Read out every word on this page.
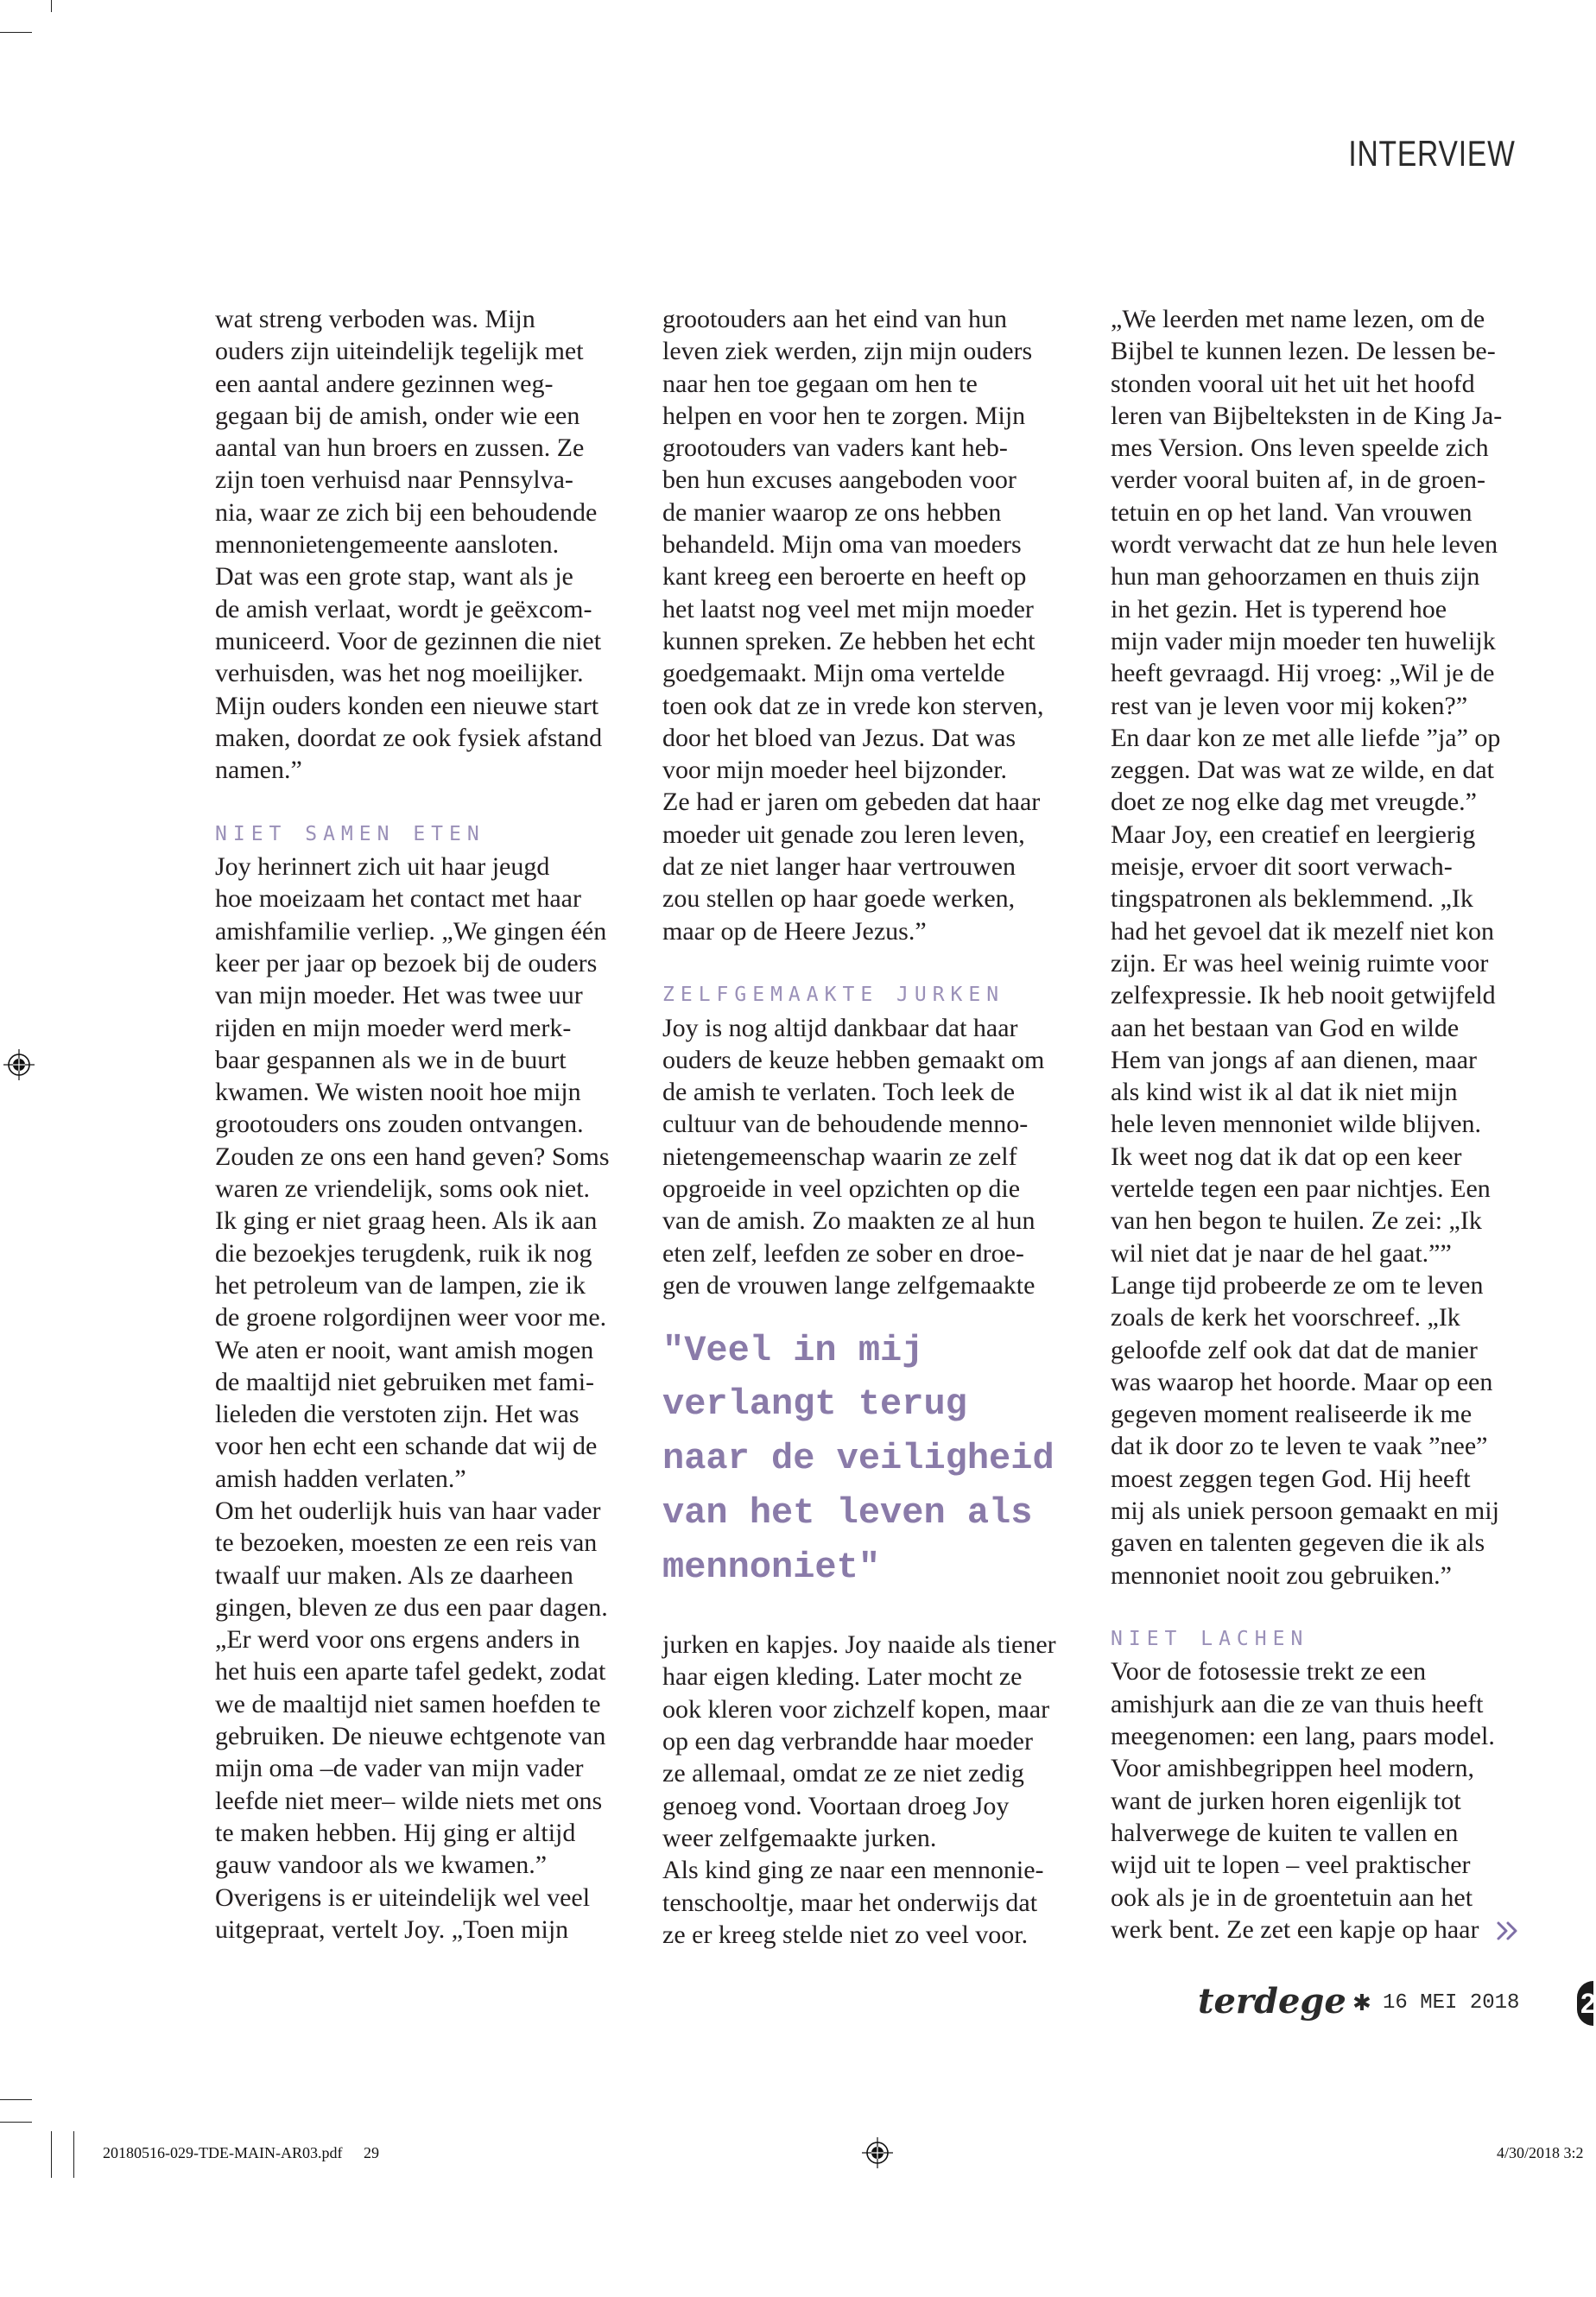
INTERVIEW
wat streng verboden was. Mijn
ouders zijn uiteindelijk tegelijk met
een aantal andere gezinnen weg-
gegaan bij de amish, onder wie een
aantal van hun broers en zussen. Ze
zijn toen verhuisd naar Pennsylva-
nia, waar ze zich bij een behoudende
mennonietengemeente aansloten.
Dat was een grote stap, want als je
de amish verlaat, wordt je geëxcom-
municeerd. Voor de gezinnen die niet
verhuisden, was het nog moeilijker.
Mijn ouders konden een nieuwe start
maken, doordat ze ook fysiek afstand
namen.”
NIET SAMEN ETEN
Joy herinnert zich uit haar jeugd
hoe moeizaam het contact met haar
amishfamilie verliep. „We gingen één
keer per jaar op bezoek bij de ouders
van mijn moeder. Het was twee uur
rijden en mijn moeder werd merk-
baar gespannen als we in de buurt
kwamen. We wisten nooit hoe mijn
grootouders ons zouden ontvangen.
Zouden ze ons een hand geven? Soms
waren ze vriendelijk, soms ook niet.
Ik ging er niet graag heen. Als ik aan
die bezoekjes terugdenk, ruik ik nog
het petroleum van de lampen, zie ik
de groene rolgordijnen weer voor me.
We aten er nooit, want amish mogen
de maaltijd niet gebruiken met fami-
lieleden die verstoten zijn. Het was
voor hen echt een schande dat wij de
amish hadden verlaten.”
Om het ouderlijk huis van haar vader
te bezoeken, moesten ze een reis van
twaalf uur maken. Als ze daarheen
gingen, bleven ze dus een paar dagen.
„Er werd voor ons ergens anders in
het huis een aparte tafel gedekt, zodat
we de maaltijd niet samen hoefden te
gebruiken. De nieuwe echtgenote van
mijn oma –de vader van mijn vader
leefde niet meer– wilde niets met ons
te maken hebben. Hij ging er altijd
gauw vandoor als we kwamen.”
Overigens is er uiteindelijk wel veel
uitgepraat, vertelt Joy. „Toen mijn
grootouders aan het eind van hun
leven ziek werden, zijn mijn ouders
naar hen toe gegaan om hen te
helpen en voor hen te zorgen. Mijn
grootouders van vaders kant heb-
ben hun excuses aangeboden voor
de manier waarop ze ons hebben
behandeld. Mijn oma van moeders
kant kreeg een beroerte en heeft op
het laatst nog veel met mijn moeder
kunnen spreken. Ze hebben het echt
goedgemaakt. Mijn oma vertelde
toen ook dat ze in vrede kon sterven,
door het bloed van Jezus. Dat was
voor mijn moeder heel bijzonder.
Ze had er jaren om gebeden dat haar
moeder uit genade zou leren leven,
dat ze niet langer haar vertrouwen
zou stellen op haar goede werken,
maar op de Heere Jezus.”
ZELFGEMAAKTE JURKEN
Joy is nog altijd dankbaar dat haar
ouders de keuze hebben gemaakt om
de amish te verlaten. Toch leek de
cultuur van de behoudende menno-
nietengemeenschap waarin ze zelf
opgroeide in veel opzichten op die
van de amish. Zo maakten ze al hun
eten zelf, leefden ze sober en droe-
gen de vrouwen lange zelfgemaakte
"Veel in mij
verlangt terug
naar de veiligheid
van het leven als
mennoniet"
jurken en kapjes. Joy naaide als tiener
haar eigen kleding. Later mocht ze
ook kleren voor zichzelf kopen, maar
op een dag verbrandde haar moeder
ze allemaal, omdat ze ze niet zedig
genoeg vond. Voortaan droeg Joy
weer zelfgemaakte jurken.
Als kind ging ze naar een mennonie-
tenschooltje, maar het onderwijs dat
ze er kreeg stelde niet zo veel voor.
„We leerden met name lezen, om de
Bijbel te kunnen lezen. De lessen be-
stonden vooral uit het uit het hoofd
leren van Bijbelteksten in de King Ja-
mes Version. Ons leven speelde zich
verder vooral buiten af, in de groen-
tetuin en op het land. Van vrouwen
wordt verwacht dat ze hun hele leven
hun man gehoorzamen en thuis zijn
in het gezin. Het is typerend hoe
mijn vader mijn moeder ten huwelijk
heeft gevraagd. Hij vroeg: „Wil je de
rest van je leven voor mij koken?”
En daar kon ze met alle liefde ”ja” op
zeggen. Dat was wat ze wilde, en dat
doet ze nog elke dag met vreugde.”
Maar Joy, een creatief en leergierig
meisje, ervoer dit soort verwach-
tingspatronen als beklemmend. „Ik
had het gevoel dat ik mezelf niet kon
zijn. Er was heel weinig ruimte voor
zelfexpressie. Ik heb nooit getwijfeld
aan het bestaan van God en wilde
Hem van jongs af aan dienen, maar
als kind wist ik al dat ik niet mijn
hele leven mennoniet wilde blijven.
Ik weet nog dat ik dat op een keer
vertelde tegen een paar nichtjes. Een
van hen begon te huilen. Ze zei: „Ik
wil niet dat je naar de hel gaat.””
Lange tijd probeerde ze om te leven
zoals de kerk het voorschreef. „Ik
geloofde zelf ook dat dat de manier
was waarop het hoorde. Maar op een
gegeven moment realiseerde ik me
dat ik door zo te leven te vaak ”nee”
moest zeggen tegen God. Hij heeft
mij als uniek persoon gemaakt en mij
gaven en talenten gegeven die ik als
mennoniet nooit zou gebruiken.”
NIET LACHEN
Voor de fotosessie trekt ze een
amishjurk aan die ze van thuis heeft
meegenomen: een lang, paars model.
Voor amishbegrippen heel modern,
want de jurken horen eigenlijk tot
halverwege de kuiten te vallen en
wijd uit te lopen – veel praktischer
ook als je in de groentetuin aan het
werk bent. Ze zet een kapje op haar
terdege ✱ 16 MEI 2018 2
20180516-029-TDE-MAIN-AR03.pdf 29	4/30/2018 3:2
